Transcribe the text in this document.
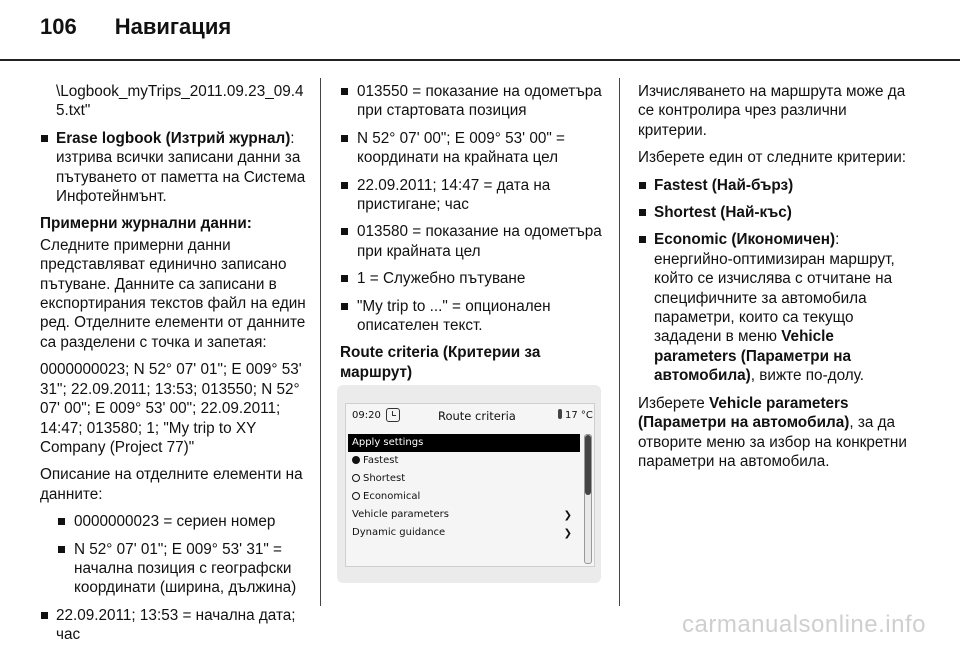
106 Навигация

\Logbook_myTrips_2011.09.23_09.45.txt"

Erase logbook (Изтрий журнал): изтрива всички записани данни за пътуването от паметта на Система Инфотейнмънт.

Примерни журнални данни:

Следните примерни данни представляват единично записано пътуване. Данните са записани в експортирания текстов файл на един ред. Отделните елементи от данните са разделени с точка и запетая:

0000000023; N 52° 07' 01"; E 009° 53' 31"; 22.09.2011; 13:53; 013550; N 52° 07' 00"; E 009° 53' 00"; 22.09.2011; 14:47; 013580; 1; "My trip to XY Company (Project 77)"

Описание на отделните елементи на данните:

0000000023 = сериен номер
N 52° 07' 01"; E 009° 53' 31" = начална позиция с географски координати (ширина, дължина)
22.09.2011; 13:53 = начална дата; час
013550 = показание на одометъра при стартовата позиция
N 52° 07' 00"; E 009° 53' 00" = координати на крайната цел
22.09.2011; 14:47 = дата на пристигане; час
013580 = показание на одометъра при крайната цел
1 = Служебно пътуване
"My trip to ..." = опционален описателен текст.

Route criteria (Критерии за маршрут)

09:20	Route criteria	17 °C
Apply settings
Fastest
Shortest
Economical
Vehicle parameters	❯
Dynamic guidance	❯

Изчисляването на маршрута може да се контролира чрез различни критерии.

Изберете един от следните критерии:

Fastest (Най-бърз)
Shortest (Най-къс)
Economic (Икономичен): енергийно-оптимизиран маршрут, който се изчислява с отчитане на специфичните за автомобила параметри, които са текущо зададени в меню Vehicle parameters (Параметри на автомобила), вижте по-долу.

Изберете Vehicle parameters (Параметри на автомобила), за да отворите меню за избор на конкретни параметри на автомобила.

carmanualsonline.info
